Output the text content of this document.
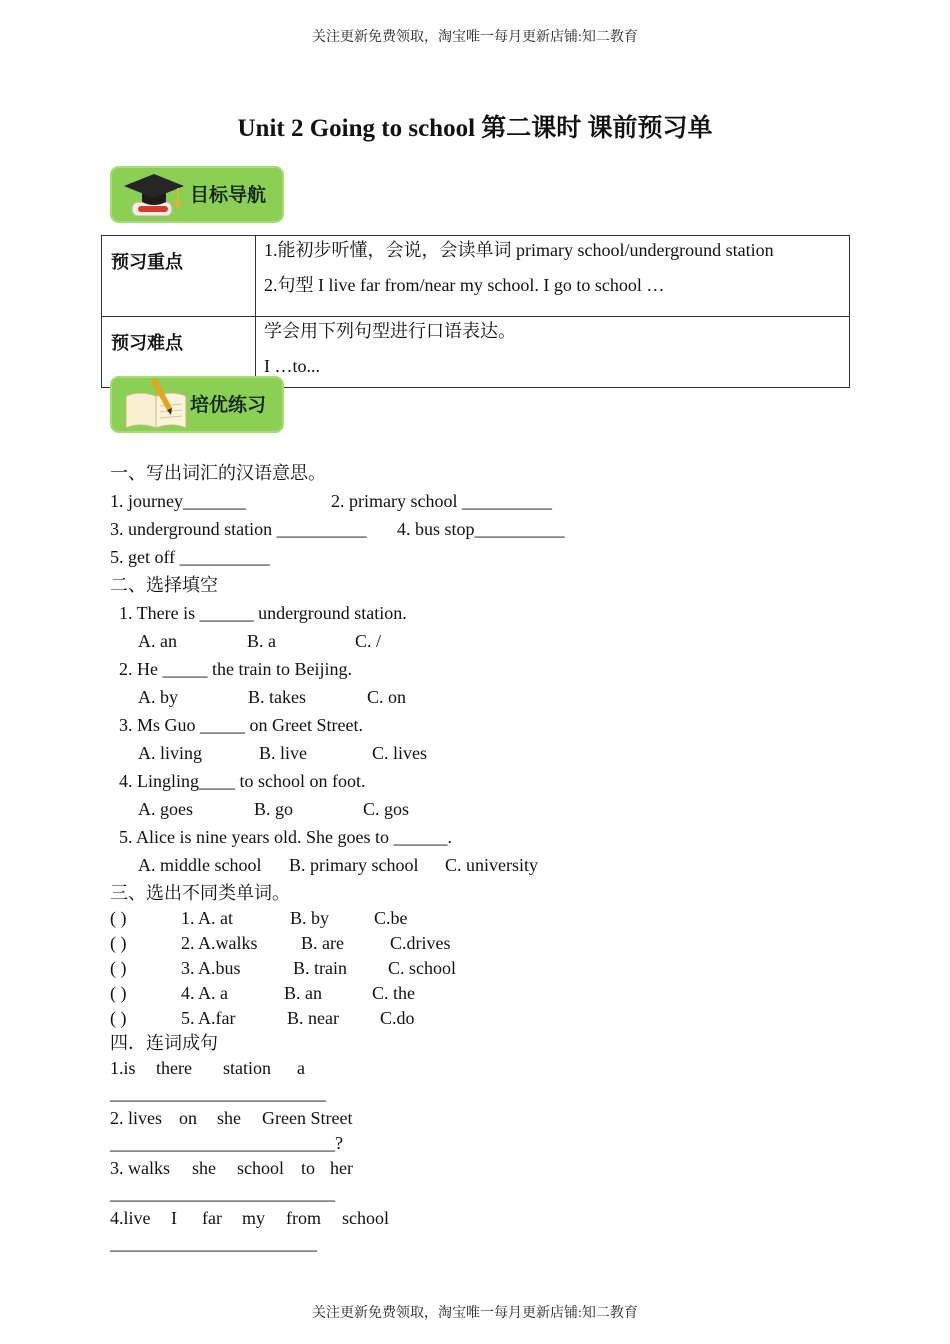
关注更新免费领取，淘宝唯一每月更新店铺:知二教育
关注更新免费领取，淘宝唯一每月更新店铺:知二教育
Unit 2 Going to school 第二课时 课前预习单
目标导航
预习重点	1.能初步听懂，会说，会读单词 primary school/underground station
2.句型 I live far from/near my school. I go to school …

预习难点	学会用下列句型进行口语表达。
I …to...
培优练习
一、写出词汇的汉语意思。
1. journey_______	2. primary school __________
3. underground station __________ 4. bus stop__________
5. get off __________
二、选择填空
1. There is ______ underground station.
A. an	B. a	C. /
2. He _____ the train to Beijing.
A. by	B. takes	C. on
3. Ms Guo _____ on Greet Street.
A. living	B. live	C. lives
4. Lingling____ to school on foot.
A. goes	B. go	C. gos
5. Alice is nine years old. She goes to ______.
A. middle school B. primary school C. university
三、选出不同类单词。
( )	1. A. at	B. by C.be
( )	2. A.walks B. are	C.drives
( )	3. A.bus	B. train C. school
( )	4. A. a	B. an	C. the
( )	5. A.far	B. near C.do
四．连词成句
1.is there station a
________________________
2. lives on she Green Street
_________________________?
3. walks she school to her
_________________________
4.live I far my from school
_______________________
